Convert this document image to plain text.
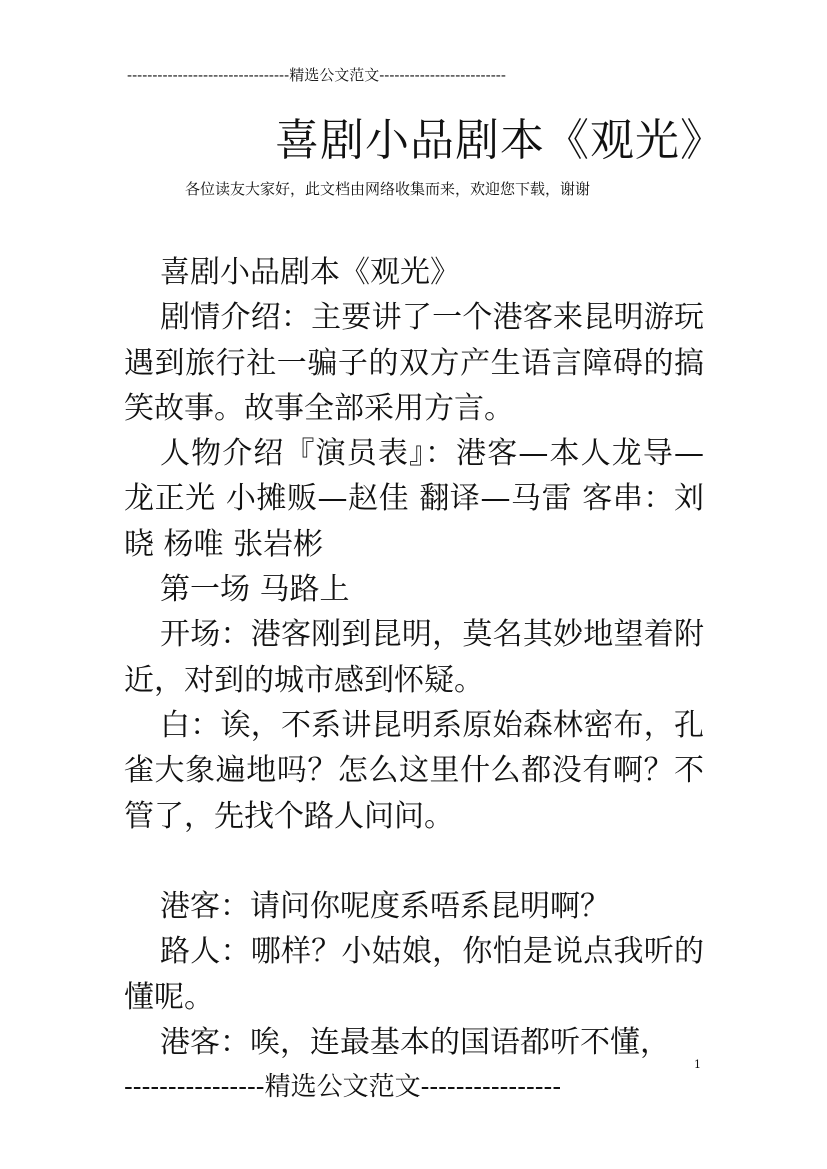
--------------------------------精选公文范文-------------------------
喜剧小品剧本《观光》
各位读友大家好，此文档由网络收集而来，欢迎您下载，谢谢

喜剧小品剧本《观光》

剧情介绍：主要讲了一个港客来昆明游玩遇到旅行社一骗子的双方产生语言障碍的搞笑故事。故事全部采用方言。

人物介绍『演员表』：港客—本人龙导—龙正光 小摊贩—赵佳 翻译—马雷 客串：刘晓 杨唯 张岩彬

第一场 马路上

开场：港客刚到昆明，莫名其妙地望着附近，对到的城市感到怀疑。

白：诶，不系讲昆明系原始森林密布，孔雀大象遍地吗？怎么这里什么都没有啊？不管了，先找个路人问问。

港客：请问你呢度系唔系昆明啊？

路人：哪样？小姑娘，你怕是说点我听的懂呢。

港客：唉，连最基本的国语都听不懂，

1
----------------精选公文范文----------------
